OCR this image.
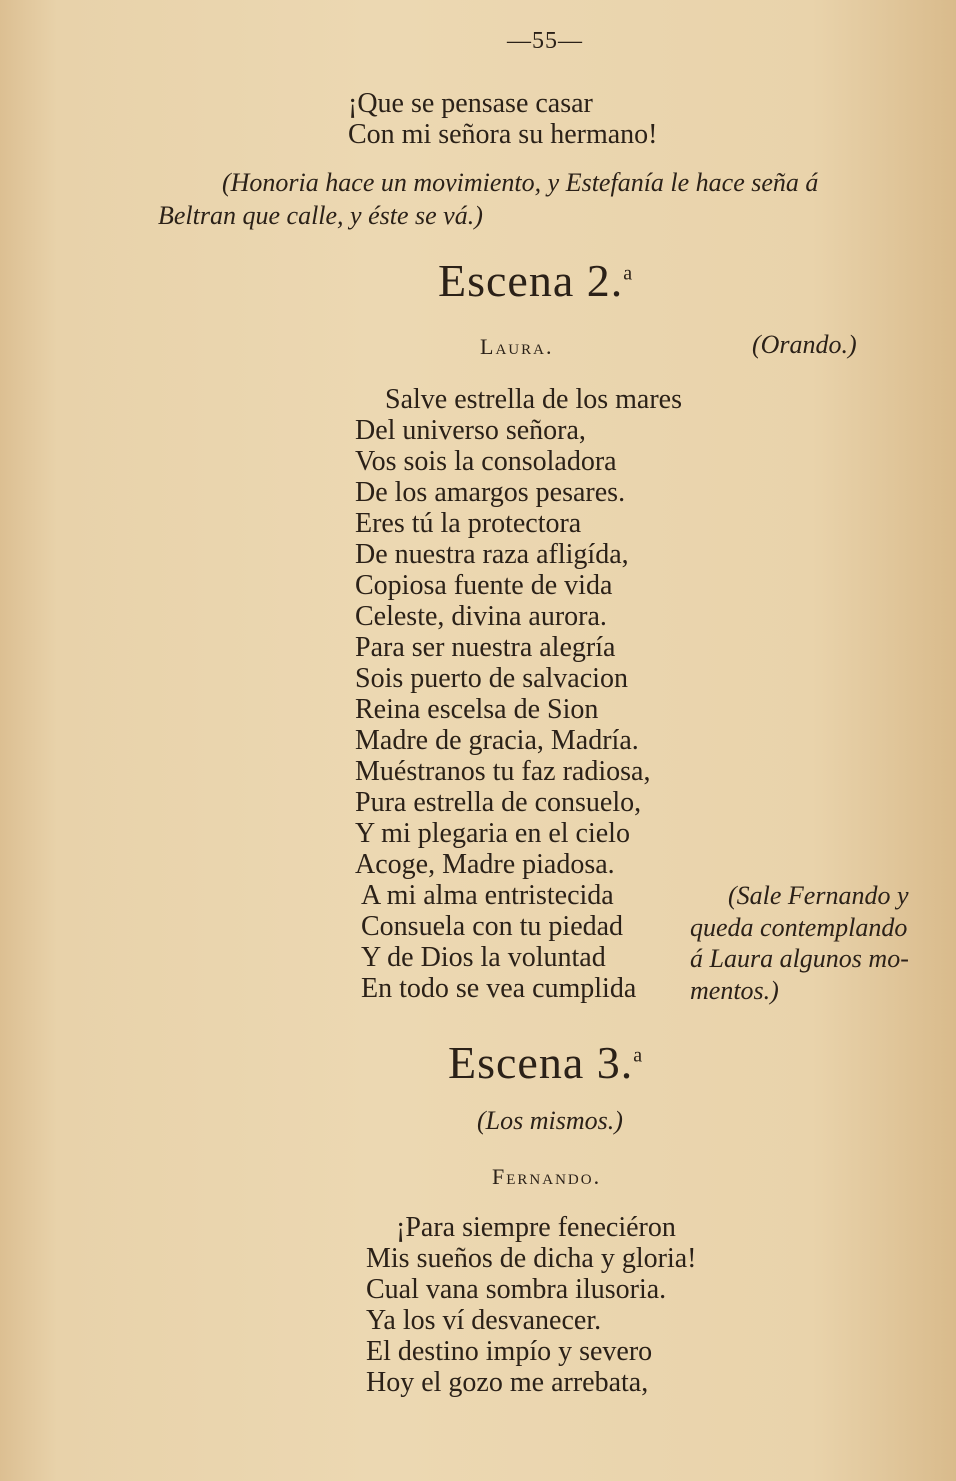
—55—
¡Que se pensase casar
Con mi señora su hermano!
(Honoria hace un movimiento, y Estefanía le hace seña á
Beltran que calle, y éste se vá.)
Escena 2.$^a$
Laura.	(Orando.)
Salve estrella de los mares
Del universo señora,
Vos sois la consoladora
De los amargos pesares.
Eres tú la protectora
De nuestra raza afligída,
Copiosa fuente de vida
Celeste, divina aurora.
Para ser nuestra alegría
Sois puerto de salvacion
Reina escelsa de Sion
Madre de gracia, Madría.
Muéstranos tu faz radiosa,
Pura estrella de consuelo,
Y mi plegaria en el cielo
Acoge, Madre piadosa.
A mi alma entristecida
Consuela con tu piedad
Y de Dios la voluntad
En todo se vea cumplida
(Sale Fernando y
queda contemplando
á Laura algunos mo-
mentos.)
Escena 3.$^a$
(Los mismos.)
Fernando.
¡Para siempre feneciéron
Mis sueños de dicha y gloria!
Cual vana sombra ilusoria.
Ya los ví desvanecer.
El destino impío y severo
Hoy el gozo me arrebata,
